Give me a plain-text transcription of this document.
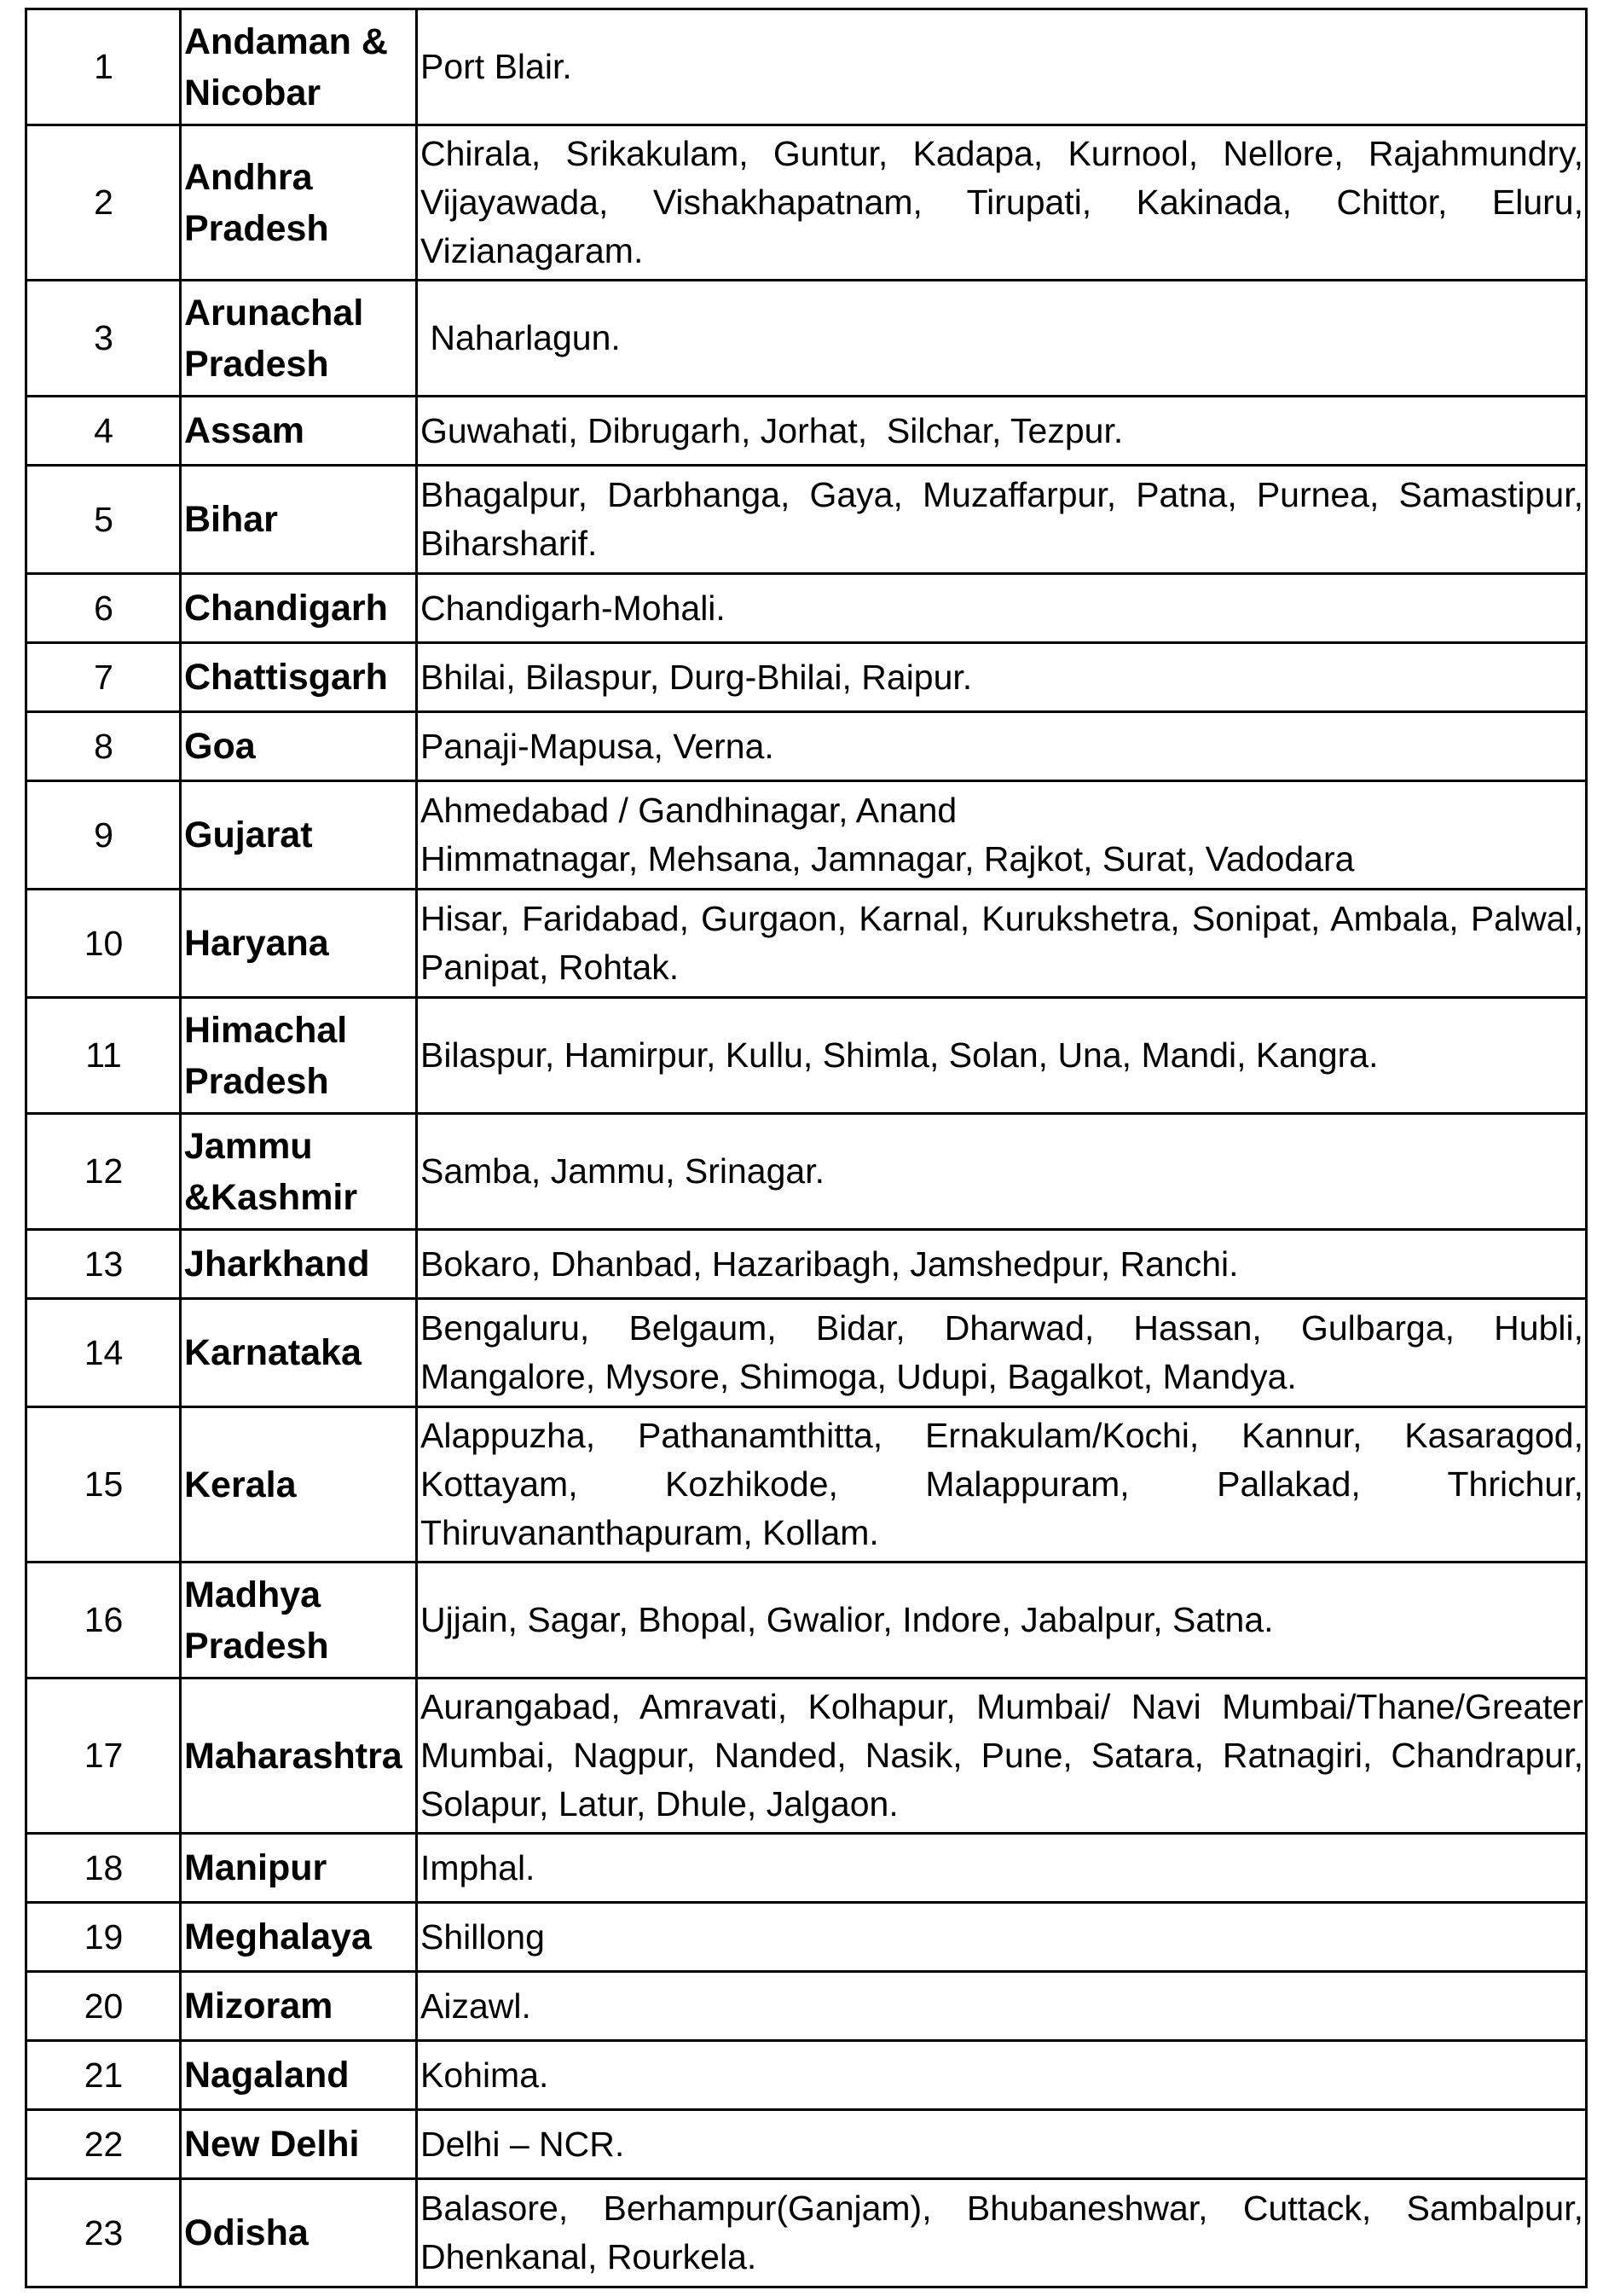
1	Andaman & Nicobar	Port Blair.
2	Andhra Pradesh	Chirala, Srikakulam, Guntur, Kadapa, Kurnool, Nellore, Rajahmundry, Vijayawada, Vishakhapatnam, Tirupati, Kakinada, Chittor, Eluru, Vizianagaram.
3	Arunachal Pradesh	Naharlagun.
4	Assam	Guwahati, Dibrugarh, Jorhat,  Silchar, Tezpur.
5	Bihar	Bhagalpur, Darbhanga, Gaya, Muzaffarpur, Patna, Purnea, Samastipur, Biharsharif.
6	Chandigarh	Chandigarh-Mohali.
7	Chattisgarh	Bhilai, Bilaspur, Durg-Bhilai, Raipur.
8	Goa	Panaji-Mapusa, Verna.
9	Gujarat	Ahmedabad / Gandhinagar, Anand
Himmatnagar, Mehsana, Jamnagar, Rajkot, Surat, Vadodara
10	Haryana	Hisar, Faridabad, Gurgaon, Karnal, Kurukshetra, Sonipat, Ambala, Palwal, Panipat, Rohtak.
11	Himachal Pradesh	Bilaspur, Hamirpur, Kullu, Shimla, Solan, Una, Mandi, Kangra.
12	Jammu &Kashmir	Samba, Jammu, Srinagar.
13	Jharkhand	Bokaro, Dhanbad, Hazaribagh, Jamshedpur, Ranchi.
14	Karnataka	Bengaluru, Belgaum, Bidar, Dharwad, Hassan, Gulbarga, Hubli, Mangalore, Mysore, Shimoga, Udupi, Bagalkot, Mandya.
15	Kerala	Alappuzha, Pathanamthitta, Ernakulam/Kochi, Kannur, Kasaragod, Kottayam, Kozhikode, Malappuram, Pallakad, Thrichur, Thiruvananthapuram, Kollam.
16	Madhya Pradesh	Ujjain, Sagar, Bhopal, Gwalior, Indore, Jabalpur, Satna.
17	Maharashtra	Aurangabad, Amravati, Kolhapur, Mumbai/ Navi Mumbai/Thane/Greater Mumbai, Nagpur, Nanded, Nasik, Pune, Satara, Ratnagiri, Chandrapur, Solapur, Latur, Dhule, Jalgaon.
18	Manipur	Imphal.
19	Meghalaya	Shillong
20	Mizoram	Aizawl.
21	Nagaland	Kohima.
22	New Delhi	Delhi – NCR.
23	Odisha	Balasore, Berhampur(Ganjam), Bhubaneshwar, Cuttack, Sambalpur, Dhenkanal, Rourkela.
